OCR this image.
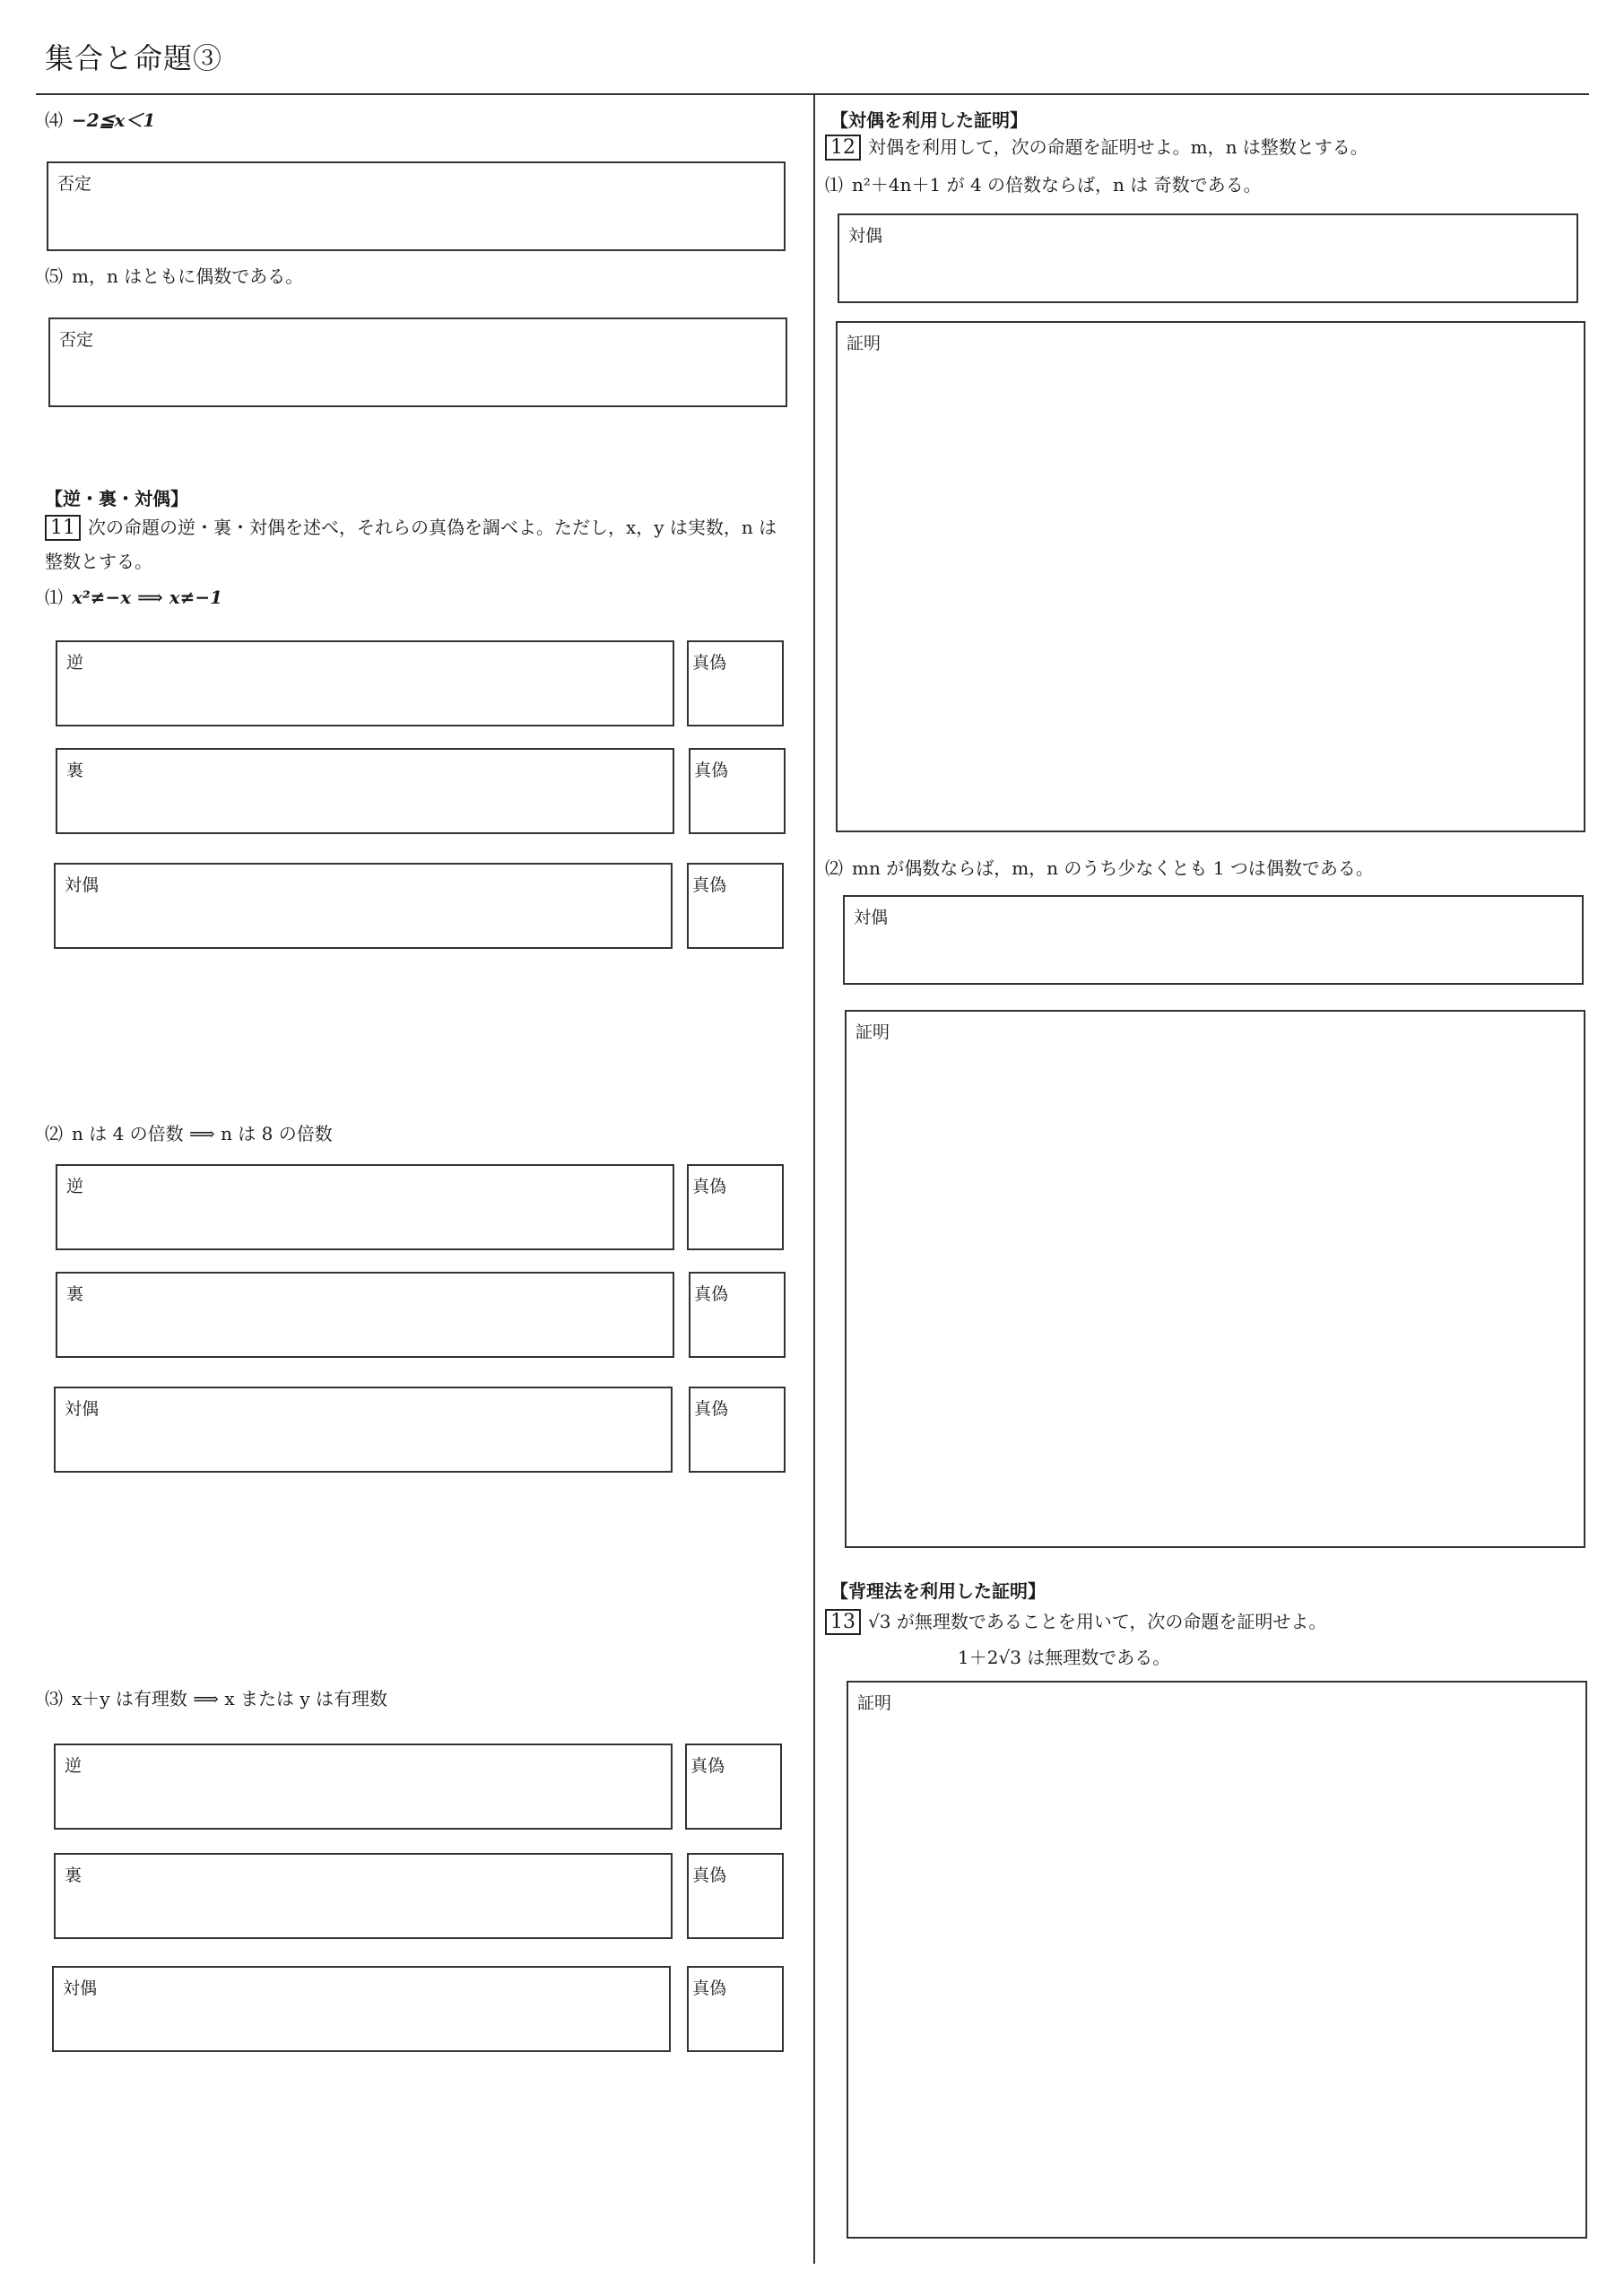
集合と命題③
⑷ −2≦x＜1
否定
⑸ m，n はともに偶数である。
否定
【逆・裏・対偶】
11 次の命題の逆・裏・対偶を述べ，それらの真偽を調べよ。ただし，x，y は実数，n は
整数とする。
⑴ x²≠−x ⟹ x≠−1
逆	真偽
裏	真偽
対偶	真偽
⑵ n は 4 の倍数 ⟹ n は 8 の倍数
逆	真偽
裏	真偽
対偶	真偽
⑶ x＋y は有理数 ⟹ x または y は有理数
逆	真偽
裏	真偽
対偶	真偽
【対偶を利用した証明】
12 対偶を利用して，次の命題を証明せよ。m，n は整数とする。
⑴ n²＋4n＋1 が 4 の倍数ならば，n は 奇数である。
対偶
証明
⑵ mn が偶数ならば，m，n のうち少なくとも 1 つは偶数である。
対偶
証明
【背理法を利用した証明】
13 √3 が無理数であることを用いて，次の命題を証明せよ。
1＋2√3 は無理数である。
証明
